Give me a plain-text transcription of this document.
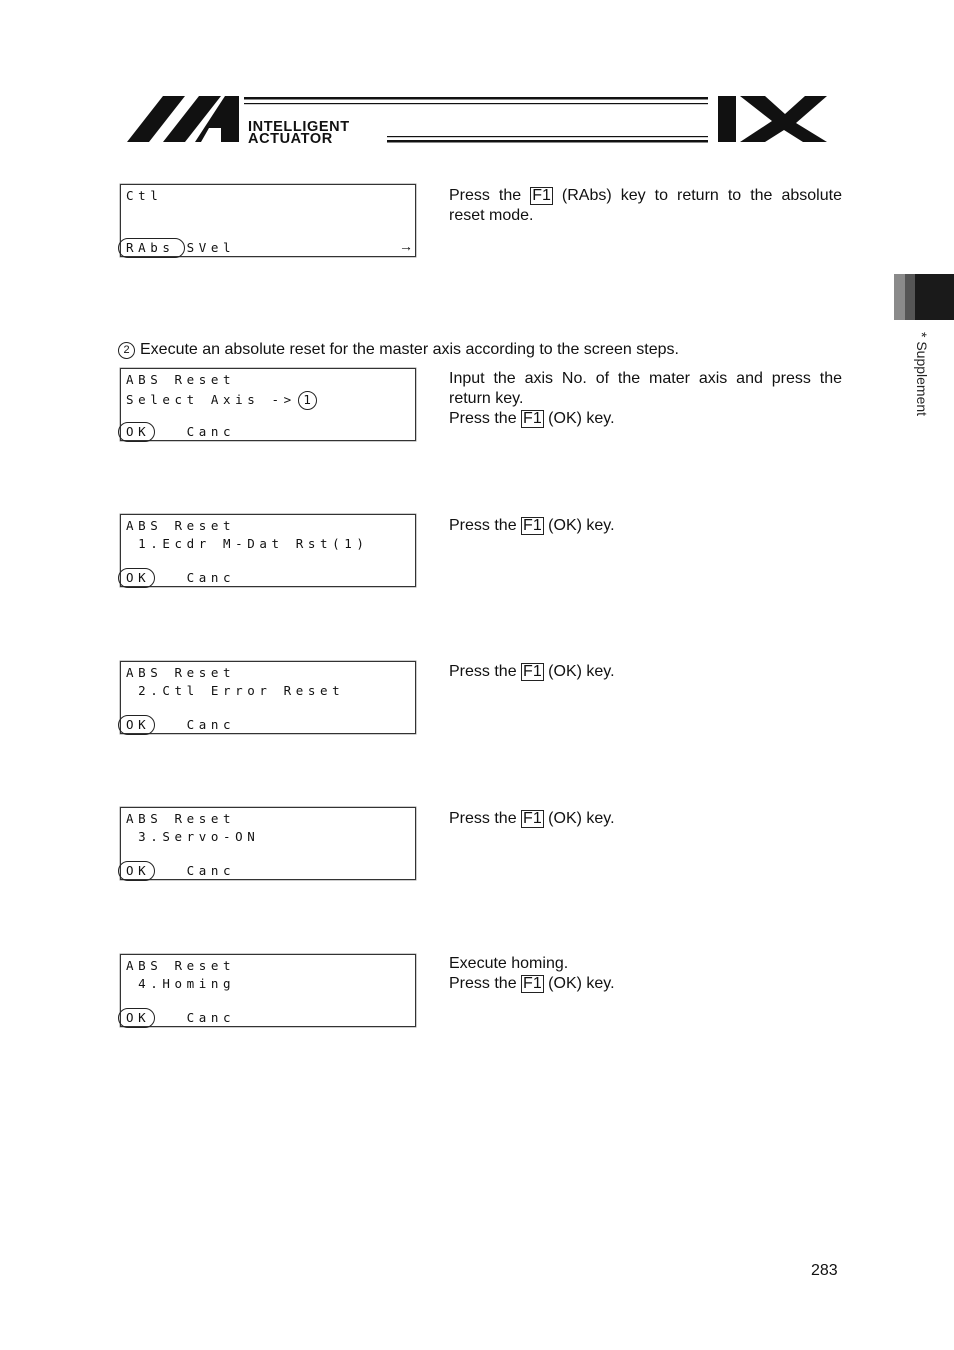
INTELLIGENT
ACTUATOR
* Supplement
Ctl
RAbs SVel	→

Press the F1 (RAbs) key to return to the absolute

reset mode.

2 Execute an absolute reset for the master axis according to the screen steps.
ABS Reset
Select Axis -> 1
OK   Canc

Input the axis No. of the mater axis and press the

return key.

Press the F1 (OK) key.

ABS Reset
1.Ecdr M-Dat Rst(1)
OK   Canc

Press the F1 (OK) key.

ABS Reset
2.Ctl Error Reset
OK   Canc

Press the F1 (OK) key.

ABS Reset
3.Servo-ON
OK   Canc

Press the F1 (OK) key.

ABS Reset
4.Homing
OK   Canc

Execute homing.

Press the F1 (OK) key.

283
